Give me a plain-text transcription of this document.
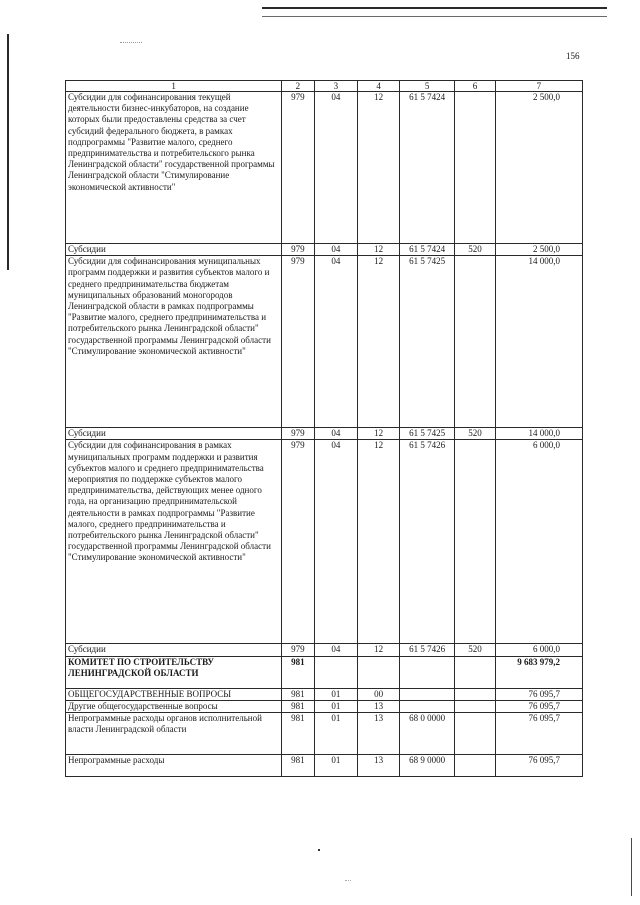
156
1	2	3	4	5	6	7
Субсидии для софинансирования текущей деятельности бизнес-инкубаторов, на создание которых были предоставлены средства за счет субсидий федерального бюджета, в рамках подпрограммы "Развитие малого, среднего предпринимательства и потребительского рынка Ленинградской области" государственной программы Ленинградской области "Стимулирование экономической активности"	979	04	12	61 5 7424		2 500,0
Субсидии	979	04	12	61 5 7424	520	2 500,0
Субсидии для софинансирования муниципальных программ поддержки и развития субъектов малого и среднего предпринимательства бюджетам муниципальных образований моногородов Ленинградской области в рамках подпрограммы "Развитие малого, среднего предпринимательства и потребительского рынка Ленинградской области" государственной программы Ленинградской области "Стимулирование экономической активности"	979	04	12	61 5 7425		14 000,0
Субсидии	979	04	12	61 5 7425	520	14 000,0
Субсидии для софинансирования в рамках муниципальных программ поддержки и развития субъектов малого и среднего предпринимательства мероприятия по поддержке субъектов малого предпринимательства, действующих менее одного года, на организацию предпринимательской деятельности в рамках подпрограммы "Развитие малого, среднего предпринимательства и потребительского рынка Ленинградской области" государственной программы Ленинградской области "Стимулирование экономической активности"	979	04	12	61 5 7426		6 000,0
Субсидии	979	04	12	61 5 7426	520	6 000,0
КОМИТЕТ ПО СТРОИТЕЛЬСТВУ ЛЕНИНГРАДСКОЙ ОБЛАСТИ	981					9 683 979,2
ОБЩЕГОСУДАРСТВЕННЫЕ ВОПРОСЫ	981	01	00			76 095,7
Другие общегосударственные вопросы	981	01	13			76 095,7
Непрограммные расходы органов исполнительной власти Ленинградской области	981	01	13	68 0 0000		76 095,7
Непрограммные расходы	981	01	13	68 9 0000		76 095,7
